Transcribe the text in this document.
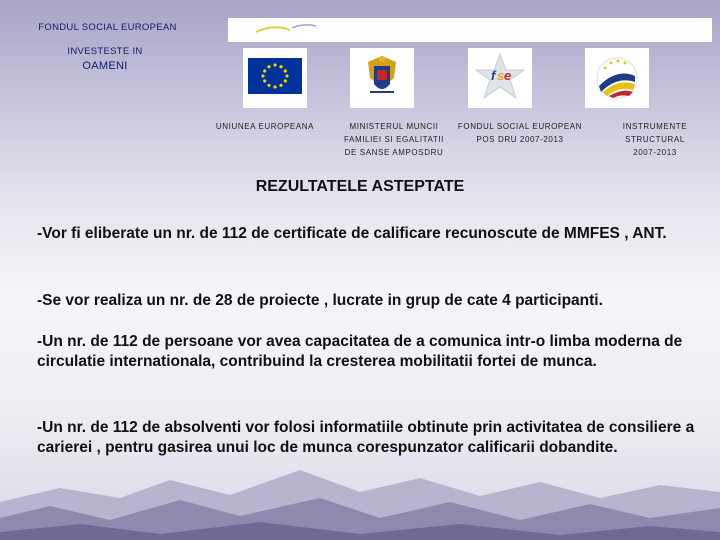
FONDUL SOCIAL EUROPEAN
INVESTESTE IN
OAMENI
f s e
UNIUNEA EUROPEANA	MINISTERUL MUNCII
FAMILIEI SI EGALITATII
DE SANSE AMPOSDRU
FONDUL SOCIAL EUROPEAN
POS DRU 2007-2013
INSTRUMENTE
STRUCTURAL
2007-2013
REZULTATELE ASTEPTATE
-Vor fi eliberate un nr. de 112 de certificate de calificare recunoscute de MMFES , ANT.
-Se vor realiza un nr. de 28 de proiecte , lucrate in grup de cate 4 participanti.
-Un nr. de 112 de persoane vor avea capacitatea de a comunica intr-o limba moderna de circulatie internationala, contribuind la cresterea mobilitatii fortei de munca.
-Un nr. de 112 de absolventi vor folosi informatiile obtinute prin activitatea de consiliere a carierei , pentru gasirea unui loc de munca corespunzator calificarii dobandite.
